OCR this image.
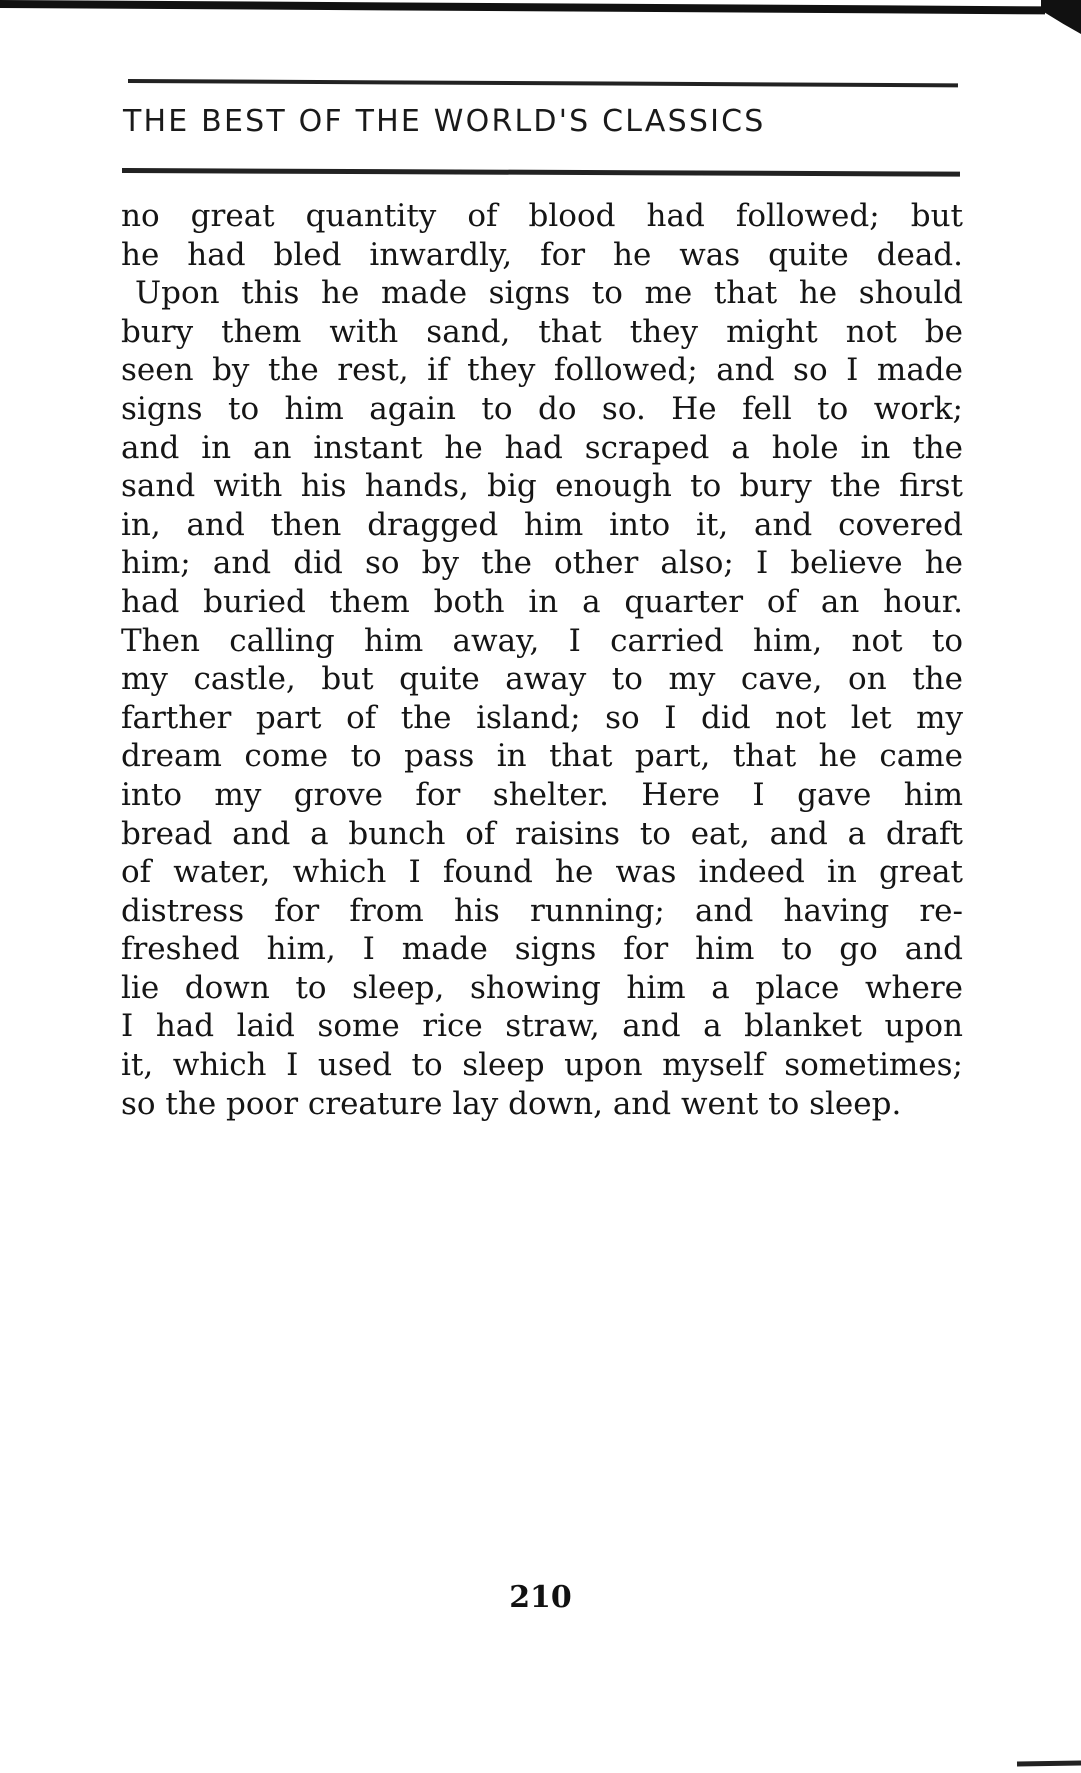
THE BEST OF THE WORLD'S CLASSICS
no great quantity of blood had followed; but
he had bled inwardly, for he was quite dead.
Upon this he made signs to me that he should
bury them with sand, that they might not be
seen by the rest, if they followed; and so I made
signs to him again to do so. He fell to work;
and in an instant he had scraped a hole in the
sand with his hands, big enough to bury the first
in, and then dragged him into it, and covered
him; and did so by the other also; I believe he
had buried them both in a quarter of an hour.
Then calling him away, I carried him, not to
my castle, but quite away to my cave, on the
farther part of the island; so I did not let my
dream come to pass in that part, that he came
into my grove for shelter. Here I gave him
bread and a bunch of raisins to eat, and a draft
of water, which I found he was indeed in great
distress for from his running; and having re-
freshed him, I made signs for him to go and
lie down to sleep, showing him a place where
I had laid some rice straw, and a blanket upon
it, which I used to sleep upon myself sometimes;
so the poor creature lay down, and went to sleep.
210
